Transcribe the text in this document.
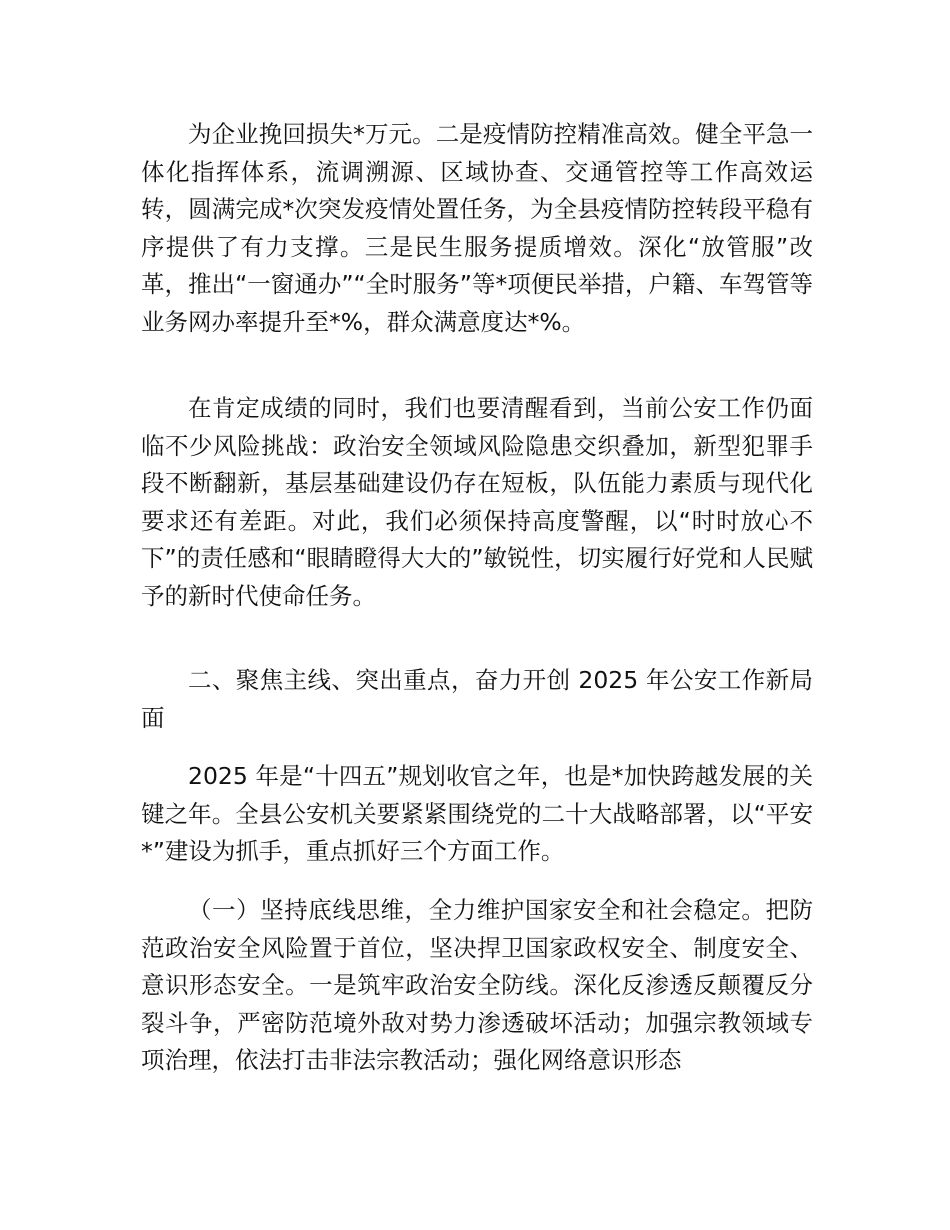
为企业挽回损失*万元。二是疫情防控精准高效。健全平急一体化指挥体系，流调溯源、区域协查、交通管控等工作高效运转，圆满完成*次突发疫情处置任务，为全县疫情防控转段平稳有序提供了有力支撑。三是民生服务提质增效。深化“放管服”改革，推出“一窗通办”“全时服务”等*项便民举措，户籍、车驾管等业务网办率提升至*%，群众满意度达*%。

在肯定成绩的同时，我们也要清醒看到，当前公安工作仍面临不少风险挑战：政治安全领域风险隐患交织叠加，新型犯罪手段不断翻新，基层基础建设仍存在短板，队伍能力素质与现代化要求还有差距。对此，我们必须保持高度警醒，以“时时放心不下”的责任感和“眼睛瞪得大大的”敏锐性，切实履行好党和人民赋予的新时代使命任务。

二、聚焦主线、突出重点，奋力开创 2025 年公安工作新局面

2025 年是“十四五”规划收官之年，也是*加快跨越发展的关键之年。全县公安机关要紧紧围绕党的二十大战略部署，以“平安*”建设为抓手，重点抓好三个方面工作。

（一）坚持底线思维，全力维护国家安全和社会稳定。把防范政治安全风险置于首位，坚决捍卫国家政权安全、制度安全、意识形态安全。一是筑牢政治安全防线。深化反渗透反颠覆反分裂斗争，严密防范境外敌对势力渗透破坏活动；加强宗教领域专项治理，依法打击非法宗教活动；强化网络意识形态
